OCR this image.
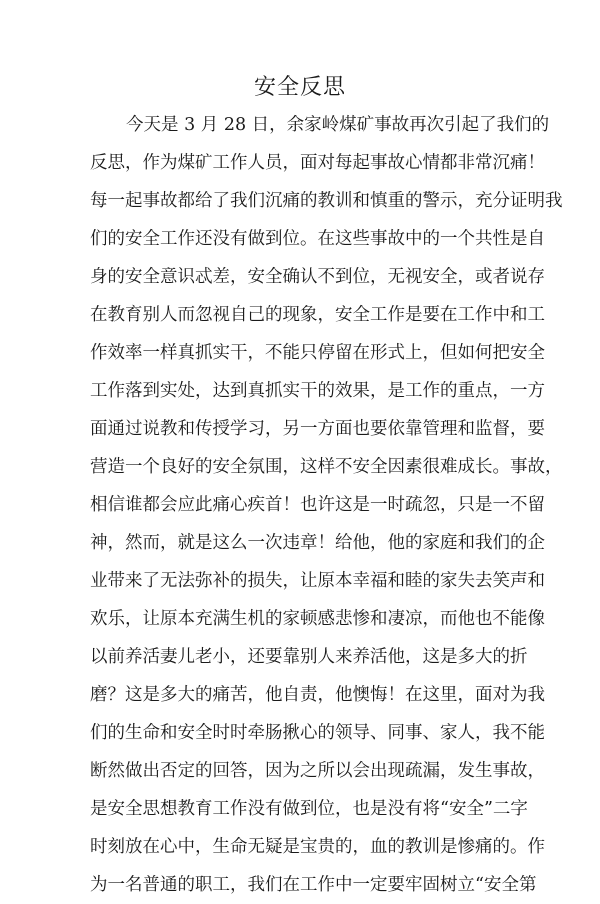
安全反思
今天是 3 月 28 日，余家岭煤矿事故再次引起了我们的
反思，作为煤矿工作人员，面对每起事故心情都非常沉痛！
每一起事故都给了我们沉痛的教训和慎重的警示，充分证明我
们的安全工作还没有做到位。在这些事故中的一个共性是自
身的安全意识忒差，安全确认不到位，无视安全，或者说存
在教育别人而忽视自己的现象，安全工作是要在工作中和工
作效率一样真抓实干，不能只停留在形式上，但如何把安全
工作落到实处，达到真抓实干的效果，是工作的重点，一方
面通过说教和传授学习，另一方面也要依靠管理和监督，要
营造一个良好的安全氛围，这样不安全因素很难成长。事故，
相信谁都会应此痛心疾首！也许这是一时疏忽，只是一不留
神，然而，就是这么一次违章！给他，他的家庭和我们的企
业带来了无法弥补的损失，让原本幸福和睦的家失去笑声和
欢乐，让原本充满生机的家顿感悲惨和凄凉，而他也不能像
以前养活妻儿老小，还要靠别人来养活他，这是多大的折
磨？这是多大的痛苦，他自责，他懊悔！在这里，面对为我
们的生命和安全时时牵肠揪心的领导、同事、家人，我不能
断然做出否定的回答，因为之所以会出现疏漏，发生事故，
是安全思想教育工作没有做到位，也是没有将“安全”二字
时刻放在心中，生命无疑是宝贵的，血的教训是惨痛的。作
为一名普通的职工，我们在工作中一定要牢固树立“安全第
